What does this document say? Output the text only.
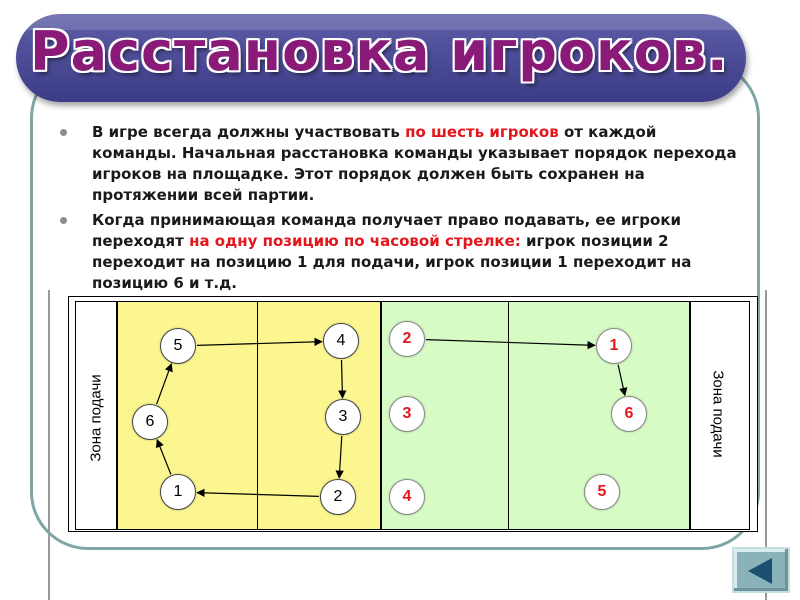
Расстановка игроков.
В игре всегда должны участвовать по шесть игроков от каждой команды. Начальная расстановка команды указывает порядок перехода игроков на площадке. Этот порядок должен быть сохранен на протяжении всей партии.
Когда принимающая команда получает право подавать, ее игроки переходят на одну позицию по часовой стрелке: игрок позиции 2 переходит на позицию 1 для подачи, игрок позиции 1 переходит на позицию 6 и т.д.
Зона подачи	Зона подачи
5	4
6	3
1	2
2
3
4
1
6
5
